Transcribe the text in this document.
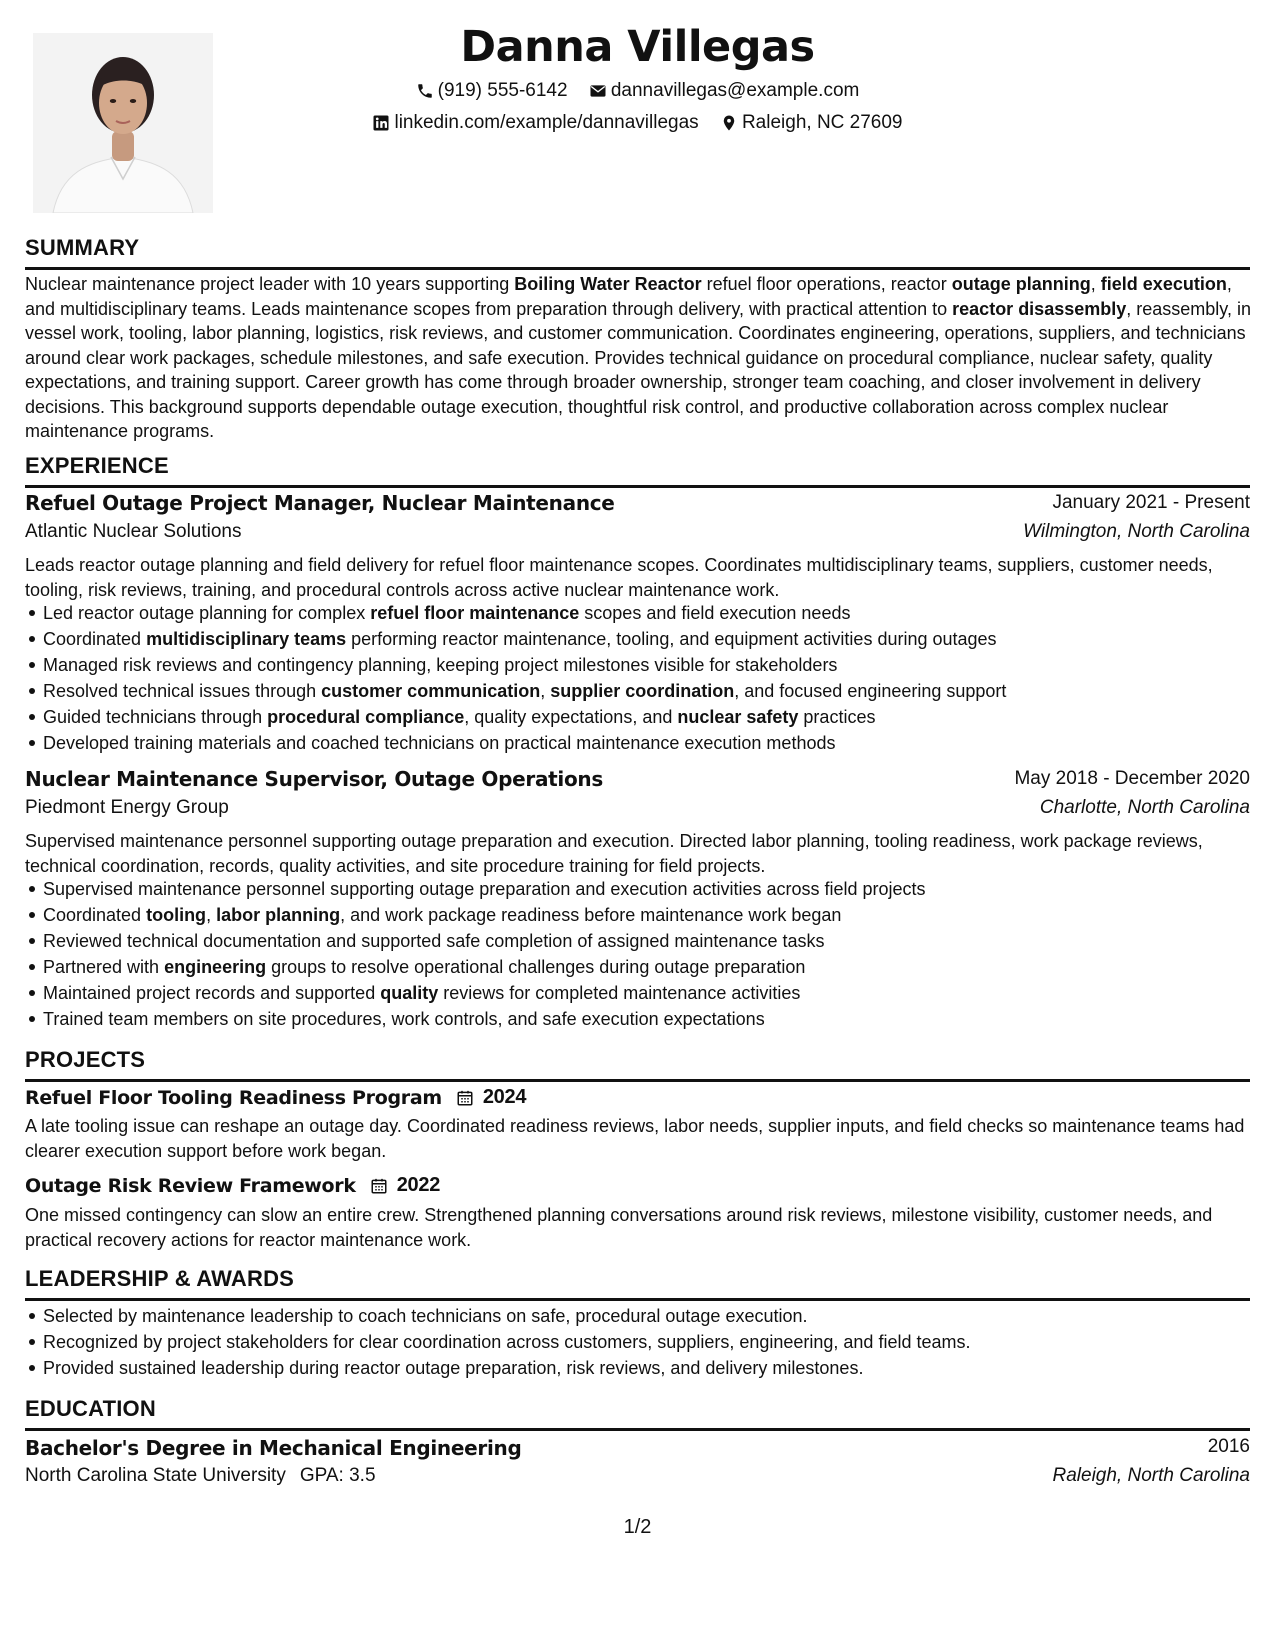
Danna Villegas
(919) 555-6142
dannavillegas@example.com
linkedin.com/example/dannavillegas
Raleigh, NC 27609
SUMMARY
Nuclear maintenance project leader with 10 years supporting Boiling Water Reactor refuel floor operations, reactor outage planning, field execution, and multidisciplinary teams. Leads maintenance scopes from preparation through delivery, with practical attention to reactor disassembly, reassembly, in vessel work, tooling, labor planning, logistics, risk reviews, and customer communication. Coordinates engineering, operations, suppliers, and technicians around clear work packages, schedule milestones, and safe execution. Provides technical guidance on procedural compliance, nuclear safety, quality expectations, and training support. Career growth has come through broader ownership, stronger team coaching, and closer involvement in delivery decisions. This background supports dependable outage execution, thoughtful risk control, and productive collaboration across complex nuclear maintenance programs.
EXPERIENCE
Refuel Outage Project Manager, Nuclear Maintenance	January 2021 - Present
Atlantic Nuclear Solutions	Wilmington, North Carolina
Leads reactor outage planning and field delivery for refuel floor maintenance scopes. Coordinates multidisciplinary teams, suppliers, customer needs, tooling, risk reviews, training, and procedural controls across active nuclear maintenance work.
Led reactor outage planning for complex refuel floor maintenance scopes and field execution needs
Coordinated multidisciplinary teams performing reactor maintenance, tooling, and equipment activities during outages
Managed risk reviews and contingency planning, keeping project milestones visible for stakeholders
Resolved technical issues through customer communication, supplier coordination, and focused engineering support
Guided technicians through procedural compliance, quality expectations, and nuclear safety practices
Developed training materials and coached technicians on practical maintenance execution methods
Nuclear Maintenance Supervisor, Outage Operations	May 2018 - December 2020
Piedmont Energy Group	Charlotte, North Carolina
Supervised maintenance personnel supporting outage preparation and execution. Directed labor planning, tooling readiness, work package reviews, technical coordination, records, quality activities, and site procedure training for field projects.
Supervised maintenance personnel supporting outage preparation and execution activities across field projects
Coordinated tooling, labor planning, and work package readiness before maintenance work began
Reviewed technical documentation and supported safe completion of assigned maintenance tasks
Partnered with engineering groups to resolve operational challenges during outage preparation
Maintained project records and supported quality reviews for completed maintenance activities
Trained team members on site procedures, work controls, and safe execution expectations
PROJECTS
Refuel Floor Tooling Readiness Program 2024
A late tooling issue can reshape an outage day. Coordinated readiness reviews, labor needs, supplier inputs, and field checks so maintenance teams had clearer execution support before work began.
Outage Risk Review Framework 2022
One missed contingency can slow an entire crew. Strengthened planning conversations around risk reviews, milestone visibility, customer needs, and practical recovery actions for reactor maintenance work.
LEADERSHIP & AWARDS
Selected by maintenance leadership to coach technicians on safe, procedural outage execution.
Recognized by project stakeholders for clear coordination across customers, suppliers, engineering, and field teams.
Provided sustained leadership during reactor outage preparation, risk reviews, and delivery milestones.
EDUCATION
Bachelor's Degree in Mechanical Engineering	2016
North Carolina State University GPA: 3.5	Raleigh, North Carolina
1/2
